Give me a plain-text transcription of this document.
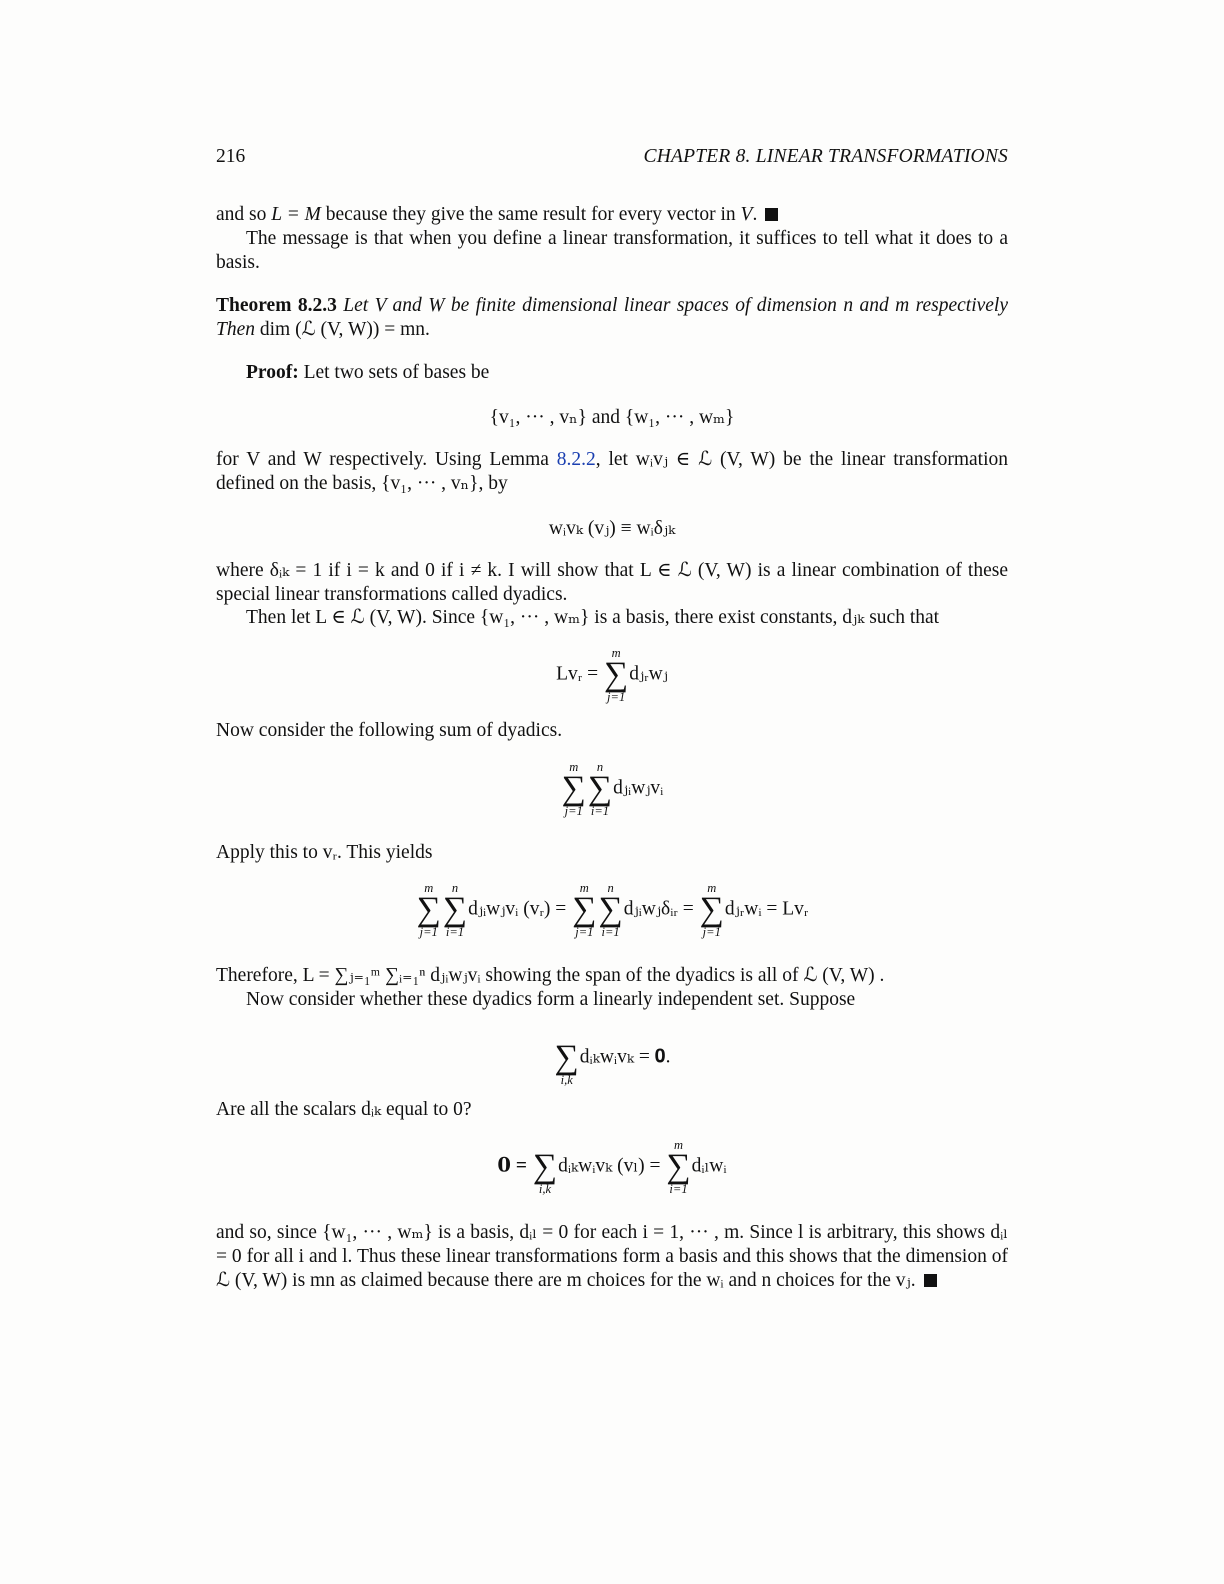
216	CHAPTER 8. LINEAR TRANSFORMATIONS
and so L = M because they give the same result for every vector in V.
The message is that when you define a linear transformation, it suffices to tell what it does to a basis.
Theorem 8.2.3 Let V and W be finite dimensional linear spaces of dimension n and m respectively Then dim (ℒ (V, W)) = mn.
Proof: Let two sets of bases be
{v₁, ··· , vₙ} and {w₁, ··· , wₘ}
for V and W respectively. Using Lemma 8.2.2, let wᵢvⱼ ∈ ℒ (V, W) be the linear transformation defined on the basis, {v₁, ··· , vₙ}, by
wᵢvₖ (vⱼ) ≡ wᵢδⱼₖ
where δᵢₖ = 1 if i = k and 0 if i ≠ k. I will show that L ∈ ℒ (V, W) is a linear combination of these special linear transformations called dyadics.
Then let L ∈ ℒ (V, W). Since {w₁, ··· , wₘ} is a basis, there exist constants, dⱼₖ such that
Lvᵣ =
m
∑
j=1
dⱼᵣwⱼ
Now consider the following sum of dyadics.
m
∑
j=1
n
∑
i=1
dⱼᵢwⱼvᵢ
Apply this to vᵣ. This yields
m
∑
j=1
n
∑
i=1
dⱼᵢwⱼvᵢ (vᵣ) =
m
∑
j=1
n
∑
i=1
dⱼᵢwⱼδᵢᵣ =
m
∑
j=1
dⱼᵣwᵢ = Lvᵣ
Therefore, L = ∑ⱼ₌₁ᵐ ∑ᵢ₌₁ⁿ dⱼᵢwⱼvᵢ showing the span of the dyadics is all of ℒ (V, W) .
Now consider whether these dyadics form a linearly independent set. Suppose
∑
i,k
dᵢₖwᵢvₖ = 𝟎.
Are all the scalars dᵢₖ equal to 0?
𝟎 = ∑
i,k
dᵢₖwᵢvₖ (vₗ) =
m
∑
i=1
dᵢₗwᵢ
and so, since {w₁, ··· , wₘ} is a basis, dᵢₗ = 0 for each i = 1, ··· , m. Since l is arbitrary, this shows dᵢₗ = 0 for all i and l. Thus these linear transformations form a basis and this shows that the dimension of ℒ (V, W) is mn as claimed because there are m choices for the wᵢ and n choices for the vⱼ.
